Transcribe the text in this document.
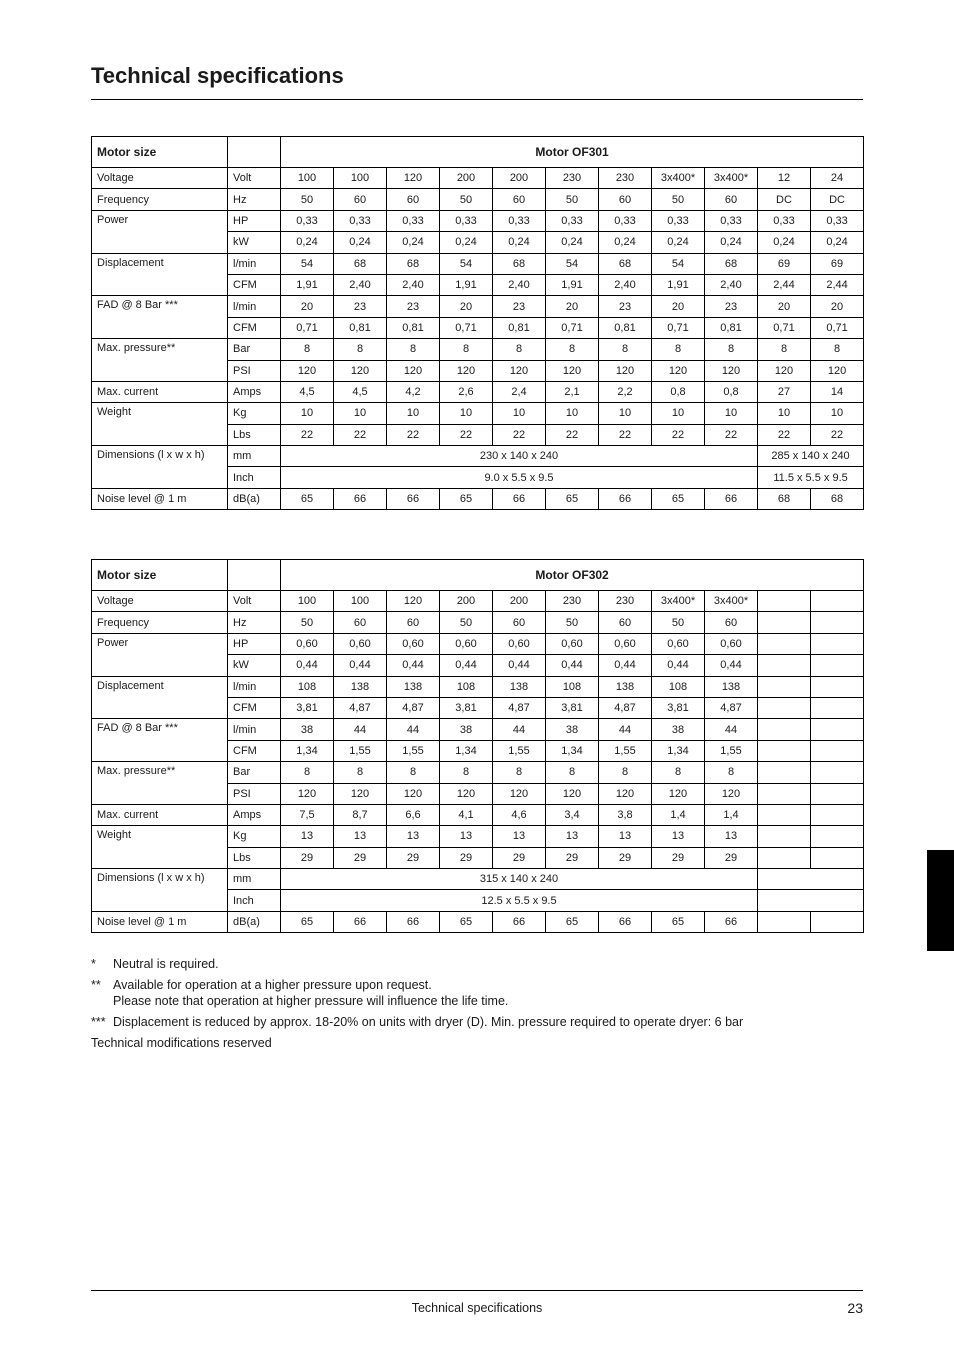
Technical specifications
Motor size		Motor OF301										
Voltage	Volt	100	100	120	200	200	230	230	3x400*	3x400*	12	24
Frequency	Hz	50	60	60	50	60	50	60	50	60	DC	DC
Power	HP	0,33	0,33	0,33	0,33	0,33	0,33	0,33	0,33	0,33	0,33	0,33
	kW	0,24	0,24	0,24	0,24	0,24	0,24	0,24	0,24	0,24	0,24	0,24
Displacement	l/min	54	68	68	54	68	54	68	54	68	69	69
	CFM	1,91	2,40	2,40	1,91	2,40	1,91	2,40	1,91	2,40	2,44	2,44
FAD @ 8 Bar ***	l/min	20	23	23	20	23	20	23	20	23	20	20
	CFM	0,71	0,81	0,81	0,71	0,81	0,71	0,81	0,71	0,81	0,71	0,71
Max. pressure**	Bar	8	8	8	8	8	8	8	8	8	8	8
	PSI	120	120	120	120	120	120	120	120	120	120	120
Max. current	Amps	4,5	4,5	4,2	2,6	2,4	2,1	2,2	0,8	0,8	27	14
Weight	Kg	10	10	10	10	10	10	10	10	10	10	10
	Lbs	22	22	22	22	22	22	22	22	22	22	22
Dimensions (l x w x h)	mm	230 x 140 x 240									285 x 140 x 240	
	Inch	9.0 x 5.5 x 9.5									11.5 x 5.5 x 9.5	
Noise level @ 1 m	dB(a)	65	66	66	65	66	65	66	65	66	68	68
Motor size		Motor OF302										
Voltage	Volt	100	100	120	200	200	230	230	3x400*	3x400*		
Frequency	Hz	50	60	60	50	60	50	60	50	60		
Power	HP	0,60	0,60	0,60	0,60	0,60	0,60	0,60	0,60	0,60		
	kW	0,44	0,44	0,44	0,44	0,44	0,44	0,44	0,44	0,44		
Displacement	l/min	108	138	138	108	138	108	138	108	138		
	CFM	3,81	4,87	4,87	3,81	4,87	3,81	4,87	3,81	4,87		
FAD @ 8 Bar ***	l/min	38	44	44	38	44	38	44	38	44		
	CFM	1,34	1,55	1,55	1,34	1,55	1,34	1,55	1,34	1,55		
Max. pressure**	Bar	8	8	8	8	8	8	8	8	8		
	PSI	120	120	120	120	120	120	120	120	120		
Max. current	Amps	7,5	8,7	6,6	4,1	4,6	3,4	3,8	1,4	1,4		
Weight	Kg	13	13	13	13	13	13	13	13	13		
	Lbs	29	29	29	29	29	29	29	29	29		
Dimensions (l x w x h)	mm	315 x 140 x 240										
	Inch	12.5 x 5.5 x 9.5										
Noise level @ 1 m	dB(a)	65	66	66	65	66	65	66	65	66		
*	Neutral is required.
** Available for operation at a higher pressure upon request.
Please note that operation at higher pressure will influence the life time.
*** Displacement is reduced by approx. 18-20% on units with dryer (D). Min. pressure required to operate dryer: 6 bar
Technical modifications reserved
Technical specifications	23
